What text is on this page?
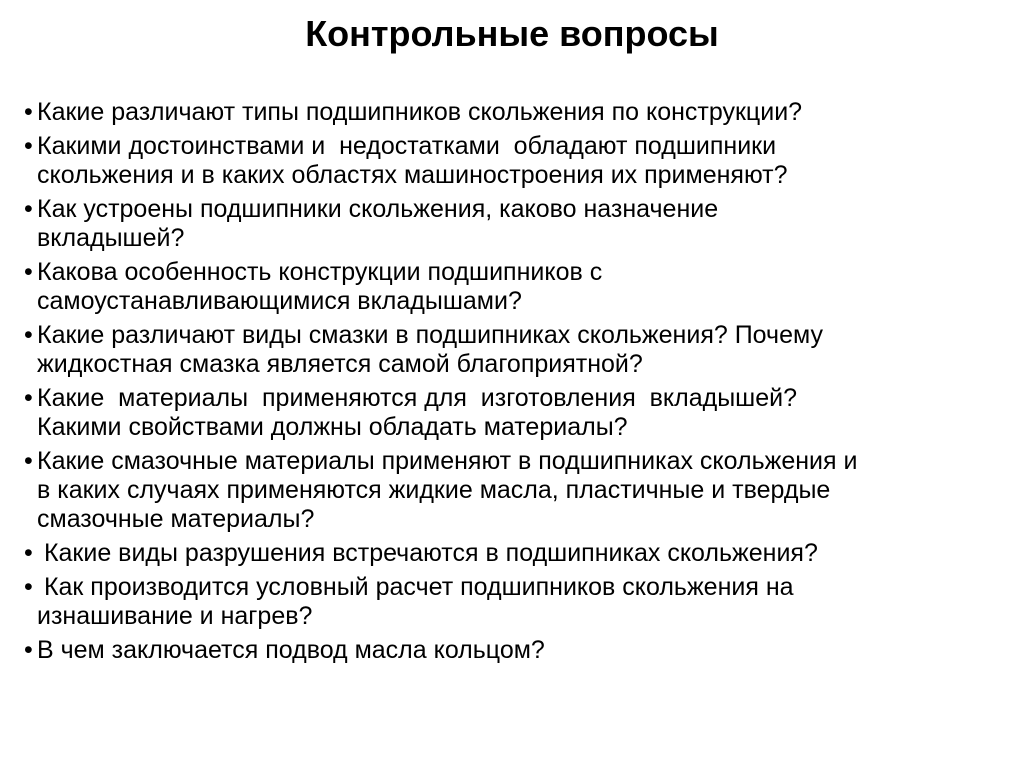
Контрольные вопросы
• Какие различают типы подшипников скольжения по конструкции?
• Какими достоинствами и  недостатками  обладают подшипники
скольжения и в каких областях машиностроения их применяют?
• Как устроены подшипники скольжения, каково назначение
вкладышей?
• Какова особенность конструкции подшипников с
самоустанавливающимися вкладышами?
• Какие различают виды смазки в подшипниках скольжения? Почему
жидкостная смазка является самой благоприятной?
• Какие  материалы  применяются для  изготовления  вкладышей?
Какими свойствами должны обладать материалы?
• Какие смазочные материалы применяют в подшипниках скольжения и
в каких случаях применяются жидкие масла, пластичные и твердые
смазочные материалы?
• Какие виды разрушения встречаются в подшипниках скольжения?
• Как производится условный расчет подшипников скольжения на
изнашивание и нагрев?
• В чем заключается подвод масла кольцом?
